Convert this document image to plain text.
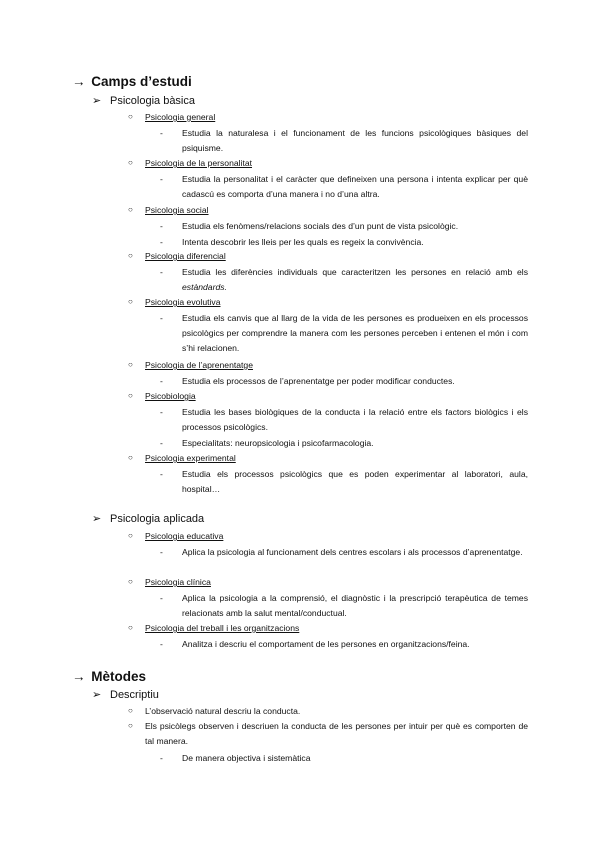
→ Camps d’estudi
➢ Psicologia bàsica
○ Psicologia general
- Estudia la naturalesa i el funcionament de les funcions psicològiques bàsiques del psiquisme.
○ Psicologia de la personalitat
- Estudia la personalitat i el caràcter que defineixen una persona i intenta explicar per què cadascú es comporta d’una manera i no d’una altra.
○ Psicologia social
- Estudia els fenòmens/relacions socials des d’un punt de vista psicològic.
- Intenta descobrir les lleis per les quals es regeix la convivència.
○ Psicologia diferencial
- Estudia les diferències individuals que caracteritzen les persones en relació amb els estàndards.
○ Psicologia evolutiva
- Estudia els canvis que al llarg de la vida de les persones es produeixen en els processos psicològics per comprendre la manera com les persones perceben i entenen el món i com s’hi relacionen.
○ Psicologia de l’aprenentatge
- Estudia els processos de l’aprenentatge per poder modificar conductes.
○ Psicobiologia
- Estudia les bases biològiques de la conducta i la relació entre els factors biològics i els processos psicològics.
- Especialitats: neuropsicologia i psicofarmacologia.
○ Psicologia experimental
- Estudia els processos psicològics que es poden experimentar al laboratori, aula, hospital…
➢ Psicologia aplicada
○ Psicologia educativa
- Aplica la psicologia al funcionament dels centres escolars i als processos d’aprenentatge.
○ Psicologia clínica
- Aplica la psicologia a la comprensió, el diagnòstic i la prescripció terapèutica de temes relacionats amb la salut mental/conductual.
○ Psicologia del treball i les organitzacions
- Analitza i descriu el comportament de les persones en organitzacions/feina.
→ Mètodes
➢ Descriptiu
○ L’observació natural descriu la conducta.
○ Els psicòlegs observen i descriuen la conducta de les persones per intuir per què es comporten de tal manera.
- De manera objectiva i sistemàtica
